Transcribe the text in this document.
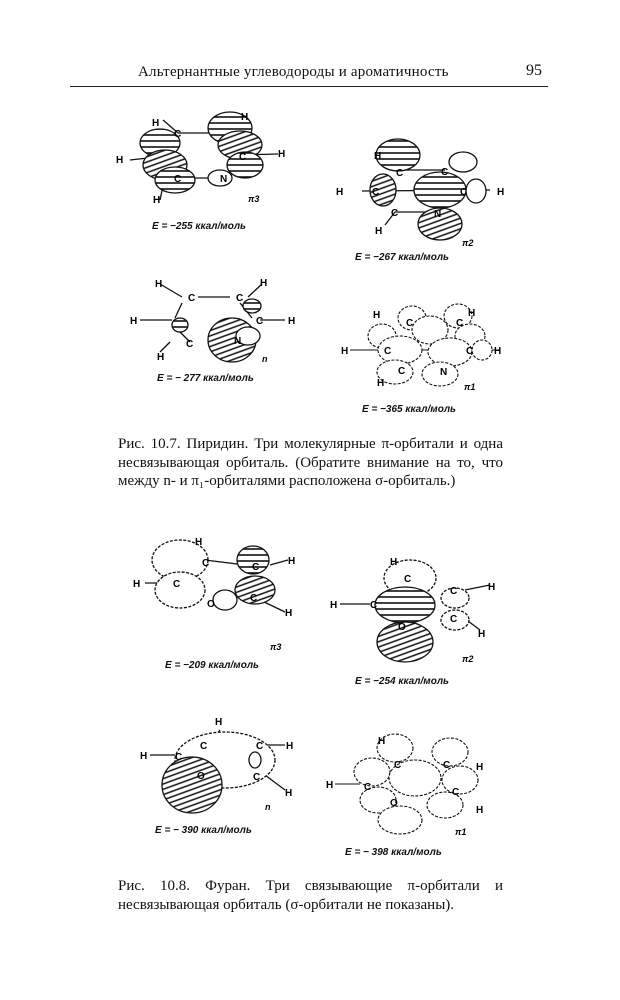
Альтернантные углеводороды и ароматичность	95
H
C
H
C	N
H
C	H
H	π3
H
C	C
H	C	C	H
C	N
H
π2
H
C	C
H
H	C H
C	N
H	n
H
C	C
H
H	C	C H
C	N
H	π1
E = −255 ккал/моль
E = −267 ккал/моль
E = − 277 ккал/моль
E = −365 ккал/моль
Рис. 10.7. Пиридин. Три молекулярные π-орбитали и одна несвязывающая орбиталь. (Обратите внимание на то, что между n- и π₁-орбиталями расположена σ-орбиталь.)
H
C	C
H
H	C
C
O
H
π3
H
C
C	H
H	C
C
O
H
π2
H
C	C H
H	C
C
O
H
n
H
C	C	H
H	C	C
O
H
π1
E = −209 ккал/моль
E = −254 ккал/моль
E = − 390 ккал/моль
E = − 398 ккал/моль
Рис. 10.8. Фуран. Три связывающие π-орбитали и несвязывающая орбиталь (σ-орбитали не показаны).
